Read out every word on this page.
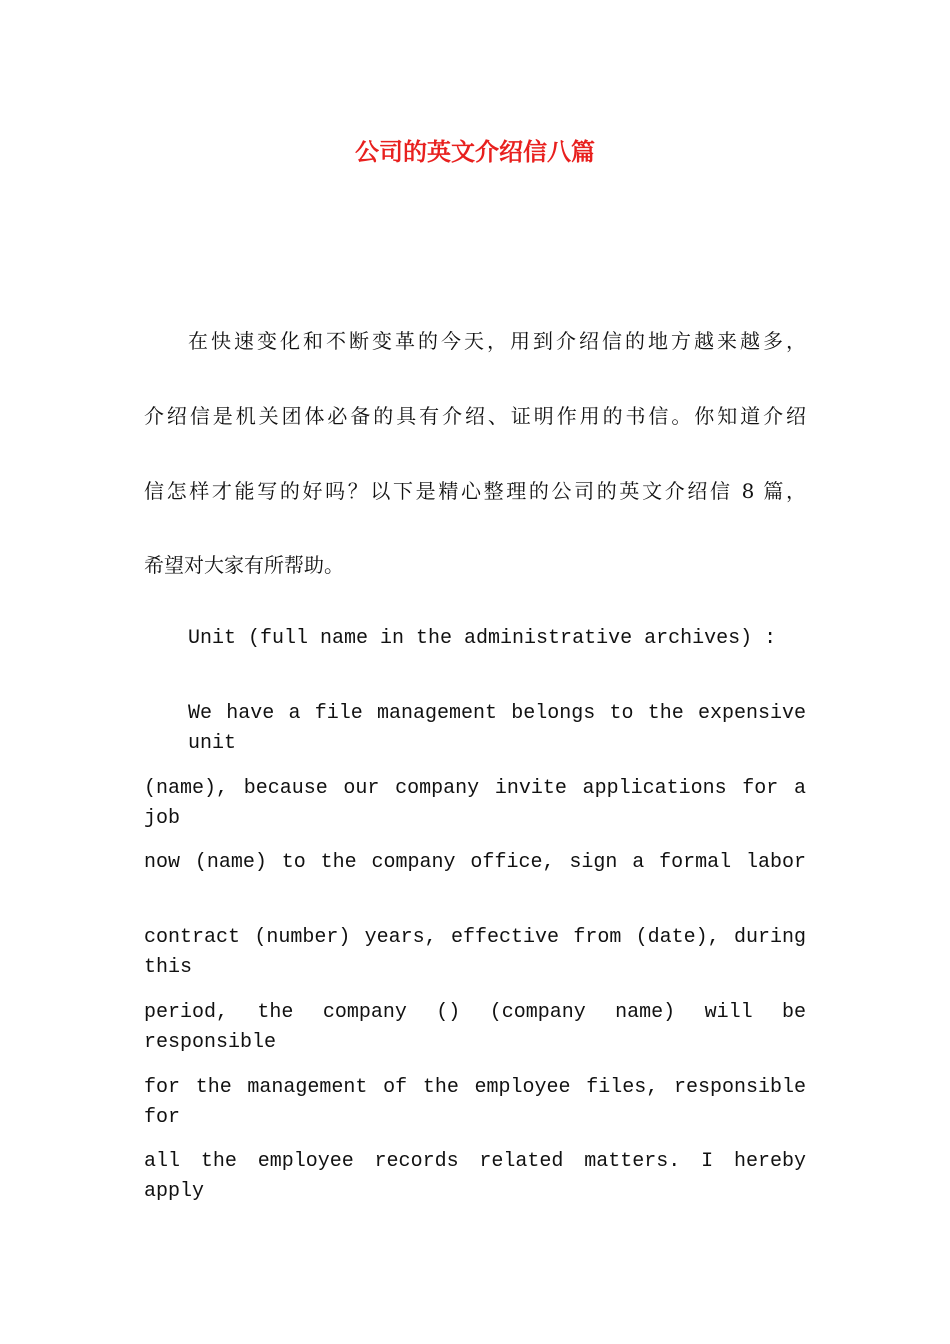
公司的英文介绍信八篇

在快速变化和不断变革的今天，用到介绍信的地方越来越多，

介绍信是机关团体必备的具有介绍、证明作用的书信。你知道介绍

信怎样才能写的好吗？以下是精心整理的公司的英文介绍信 8 篇，

希望对大家有所帮助。

Unit (full name in the administrative archives) :

We have a file management belongs to the expensive unit

(name), because our company invite applications for a job

now (name) to the company office, sign a formal labor

contract (number) years, effective from (date), during this

period, the company () (company name) will be responsible

for the management of the employee files, responsible for

all the employee records related matters. I hereby apply
